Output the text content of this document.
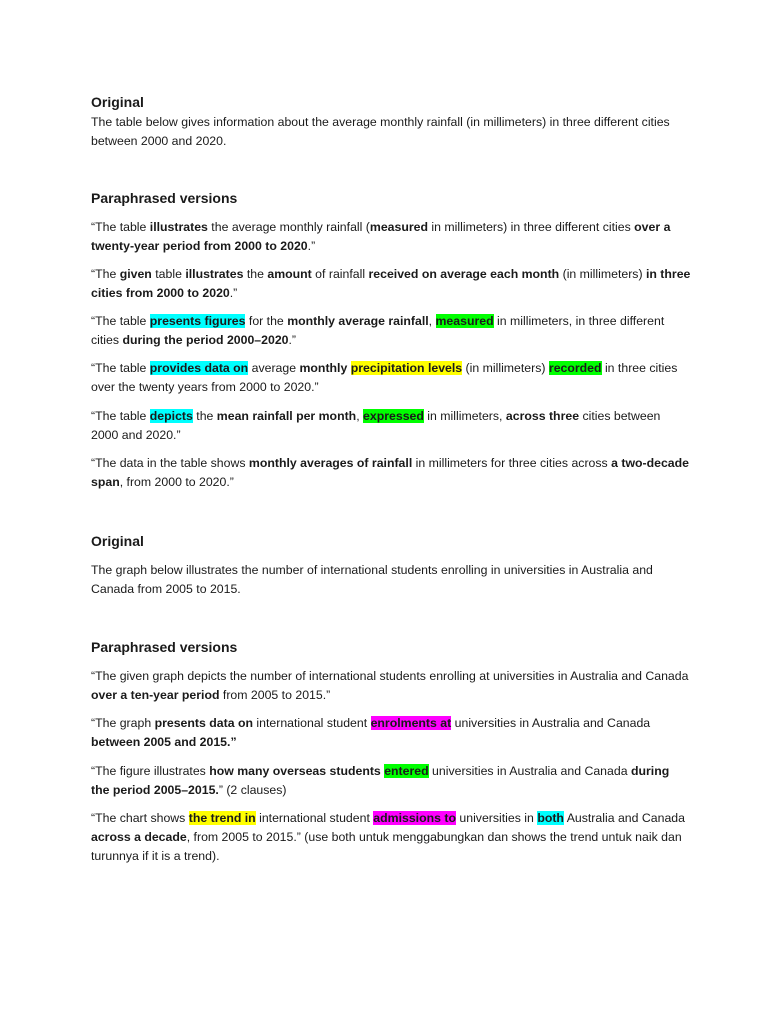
Original

The table below gives information about the average monthly rainfall (in millimeters) in three different cities between 2000 and 2020.

Paraphrased versions

“The table illustrates the average monthly rainfall (measured in millimeters) in three different cities over a twenty-year period from 2000 to 2020.”

“The given table illustrates the amount of rainfall received on average each month (in millimeters) in three cities from 2000 to 2020.”

“The table presents figures for the monthly average rainfall, measured in millimeters, in three different cities during the period 2000–2020.”

“The table provides data on average monthly precipitation levels (in millimeters) recorded in three cities over the twenty years from 2000 to 2020.”

“The table depicts the mean rainfall per month, expressed in millimeters, across three cities between 2000 and 2020.”

“The data in the table shows monthly averages of rainfall in millimeters for three cities across a two-decade span, from 2000 to 2020.”

Original

The graph below illustrates the number of international students enrolling in universities in Australia and Canada from 2005 to 2015.

Paraphrased versions

“The given graph depicts the number of international students enrolling at universities in Australia and Canada over a ten-year period from 2005 to 2015.”

“The graph presents data on international student enrolments at universities in Australia and Canada between 2005 and 2015.”

“The figure illustrates how many overseas students entered universities in Australia and Canada during the period 2005–2015.” (2 clauses)

“The chart shows the trend in international student admissions to universities in both Australia and Canada across a decade, from 2005 to 2015.” (use both untuk menggabungkan dan shows the trend untuk naik dan turunnya if it is a trend).
